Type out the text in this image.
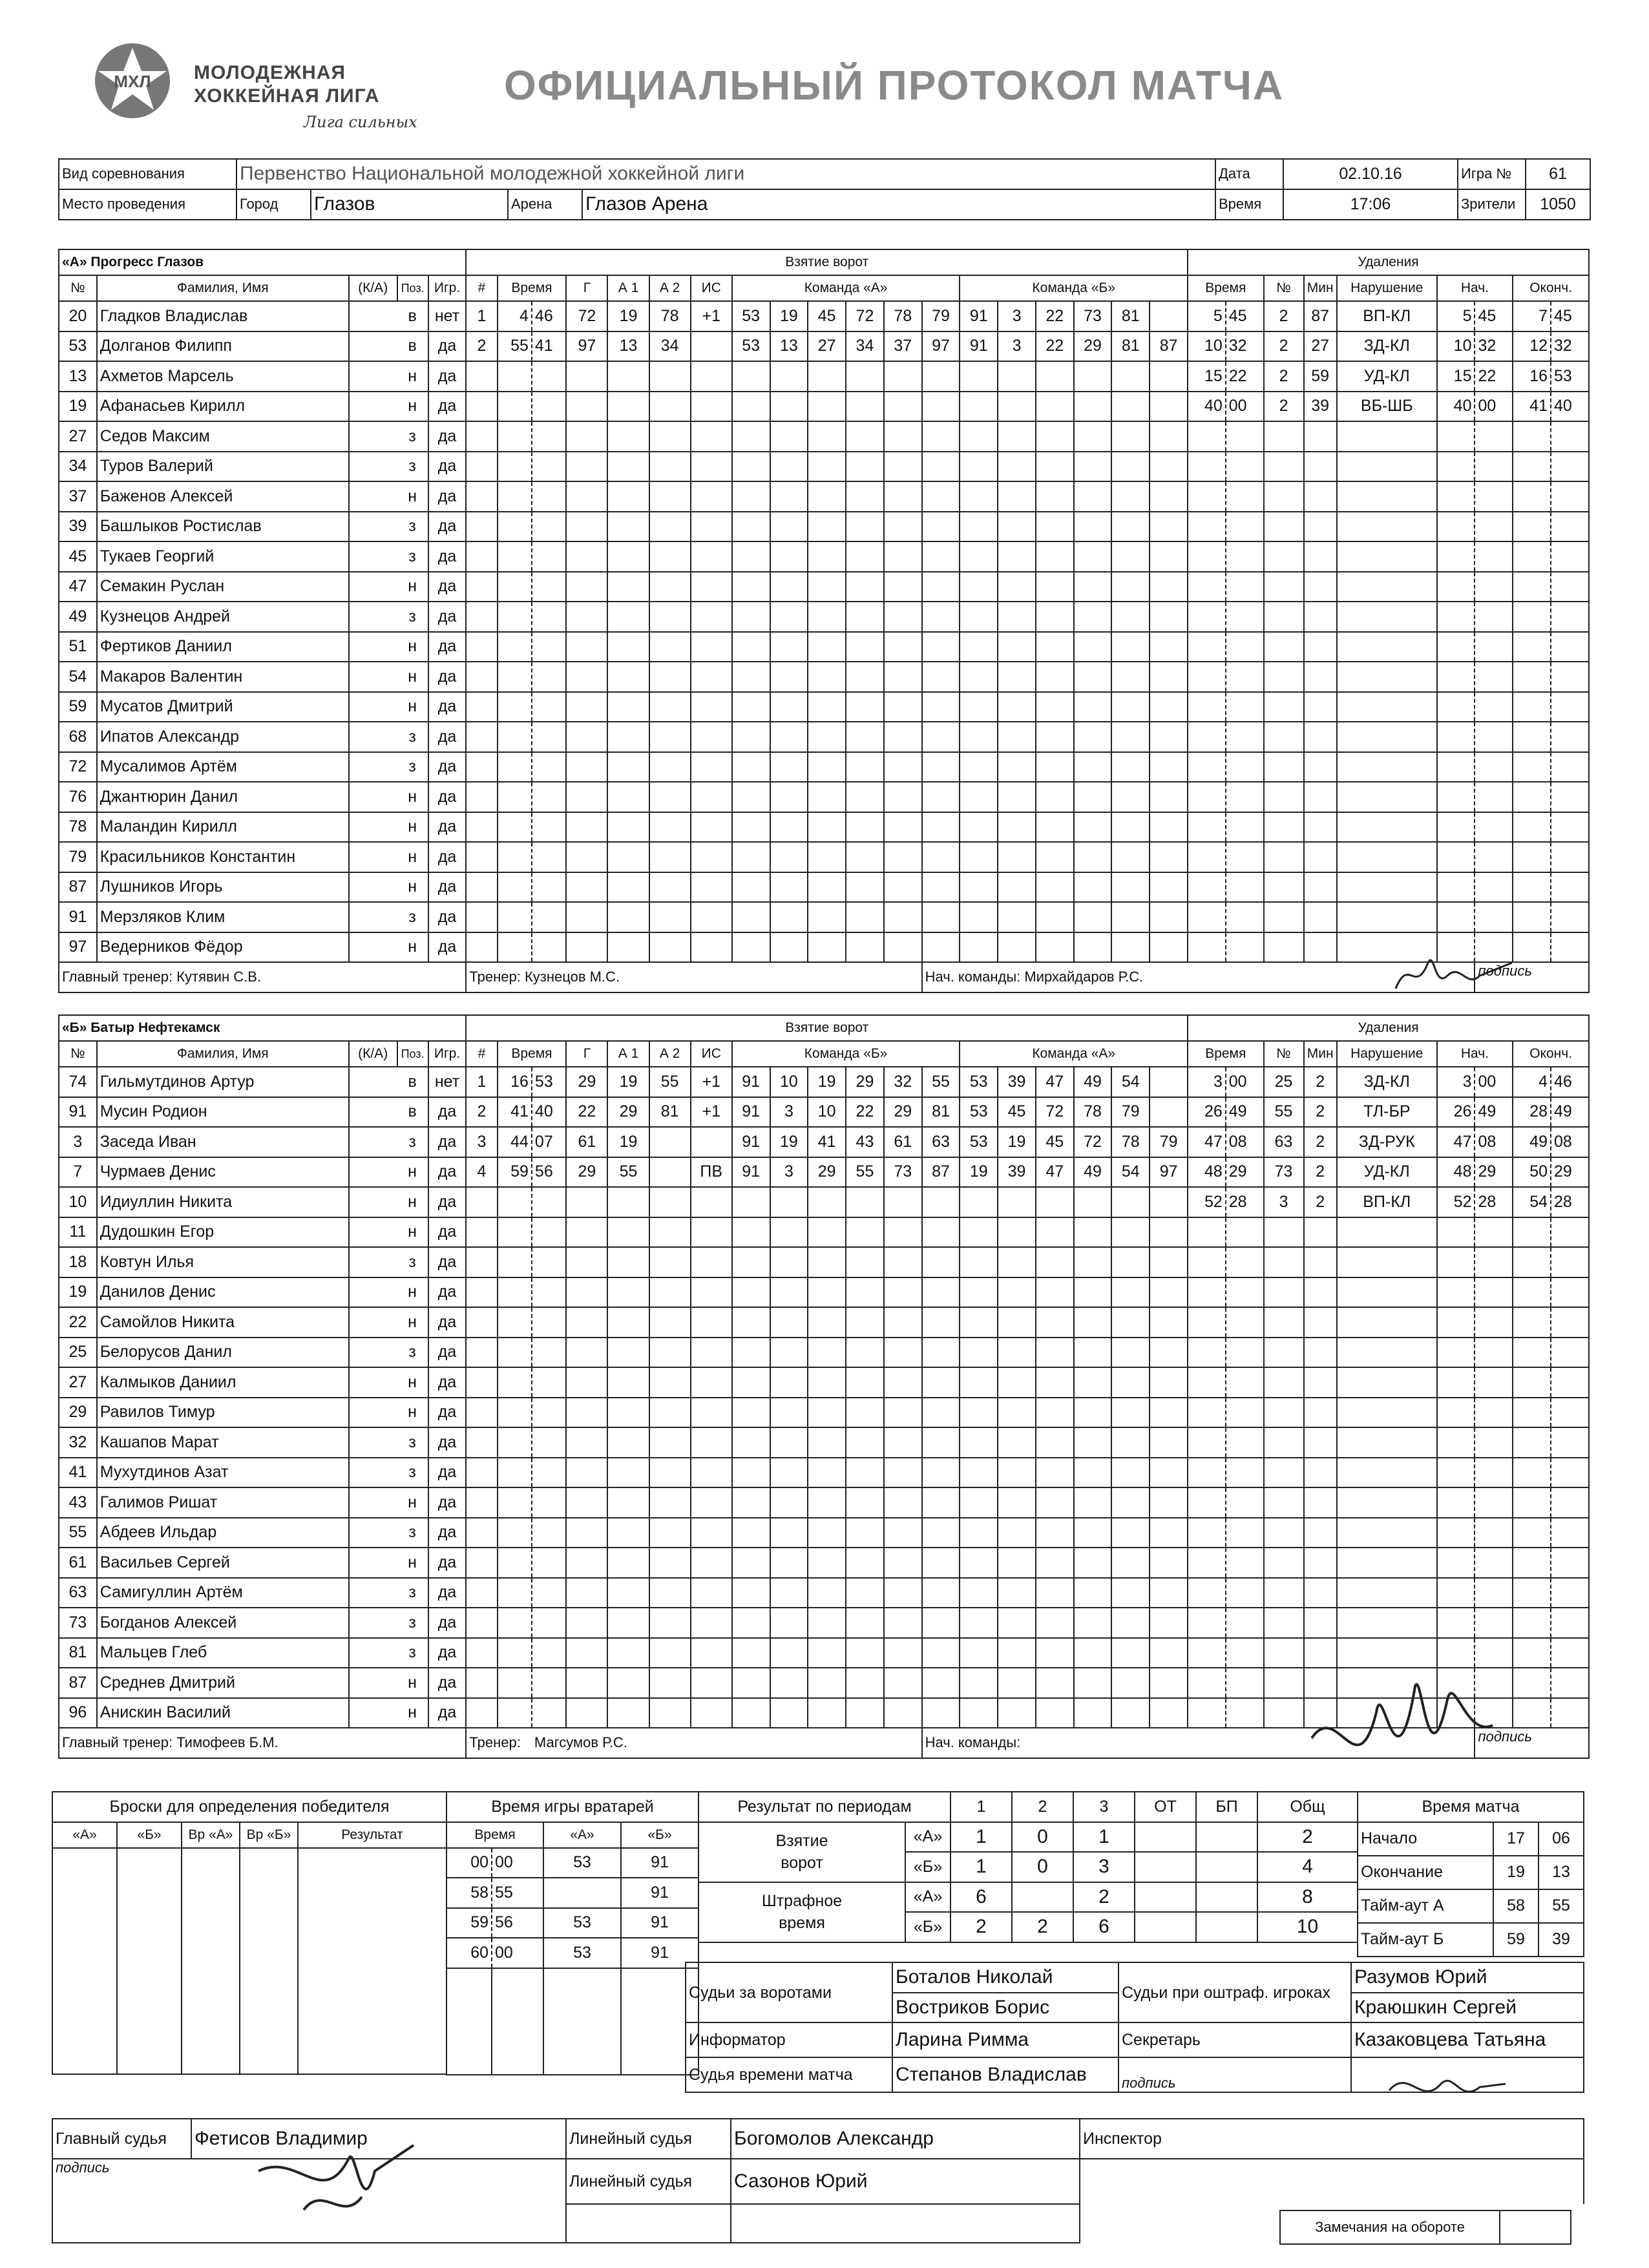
МХЛ МОЛОДЕЖНАЯ
ХОККЕЙНАЯ ЛИГА
Лига сильных
ОФИЦИАЛЬНЫЙ ПРОТОКОЛ МАТЧА
Вид соревнования	Первенство Национальной молодежной хоккейной лиги	Дата	02.10.16	Игра №	61
Место проведения	Город	Глазов	Арена	Глазов Арена	Время	17:06	Зрители	1050
«А» Прогресс Глазов					Взятие ворот																			Удаления								
№	Фамилия, Имя	(К/А)	Поз.	Игр.	#	Время		Г	А 1	А 2	ИС	Команда «А»						Команда «Б»						Время		№	Мин	Нарушение	Нач.		Оконч.	
20	Гладков Владислав		в	нет	1	4	46	72	19	78	+1	53	19	45	72	78	79	91	3	22	73	81		5	45	2	87	ВП-КЛ	5	45	7	45
53	Долганов Филипп		в	да	2	55	41	97	13	34		53	13	27	34	37	97	91	3	22	29	81	87	10	32	2	27	ЗД-КЛ	10	32	12	32
13	Ахметов Марсель		н	да																				15	22	2	59	УД-КЛ	15	22	16	53
19	Афанасьев Кирилл		н	да																				40	00	2	39	ВБ-ШБ	40	00	41	40
27	Седов Максим		з	да																												
34	Туров Валерий		з	да																												
37	Баженов Алексей		н	да																												
39	Башлыков Ростислав		з	да																												
45	Тукаев Георгий		з	да																												
47	Семакин Руслан		н	да																												
49	Кузнецов Андрей		з	да																												
51	Фертиков Даниил		н	да																												
54	Макаров Валентин		н	да																												
59	Мусатов Дмитрий		н	да																												
68	Ипатов Александр		з	да																												
72	Мусалимов Артём		з	да																												
76	Джантюрин Данил		н	да																												
78	Маландин Кирилл		н	да																												
79	Красильников Константин		н	да																												
87	Лушников Игорь		н	да																												
91	Мерзляков Клим		з	да																												
97	Ведерников Фёдор		н	да																												
Главный тренер: Кутявин С.В.					Тренер: Кузнецов М.С.												Нач. команды: Мирхайдаров Р.С.													подпись		
«Б» Батыр Нефтекамск					Взятие ворот																			Удаления								
№	Фамилия, Имя	(К/А)	Поз.	Игр.	#	Время		Г	А 1	А 2	ИС	Команда «Б»						Команда «А»						Время		№	Мин	Нарушение	Нач.		Оконч.	
74	Гильмутдинов Артур		в	нет	1	16	53	29	19	55	+1	91	10	19	29	32	55	53	39	47	49	54		3	00	25	2	ЗД-КЛ	3	00	4	46
91	Мусин Родион		в	да	2	41	40	22	29	81	+1	91	3	10	22	29	81	53	45	72	78	79		26	49	55	2	ТЛ-БР	26	49	28	49
3	Заседа Иван		з	да	3	44	07	61	19			91	19	41	43	61	63	53	19	45	72	78	79	47	08	63	2	ЗД-РУК	47	08	49	08
7	Чурмаев Денис		н	да	4	59	56	29	55		ПВ	91	3	29	55	73	87	19	39	47	49	54	97	48	29	73	2	УД-КЛ	48	29	50	29
10	Идиуллин Никита		н	да																				52	28	3	2	ВП-КЛ	52	28	54	28
11	Дудошкин Егор		н	да																												
18	Ковтун Илья		з	да																												
19	Данилов Денис		н	да																												
22	Самойлов Никита		н	да																												
25	Белорусов Данил		з	да																												
27	Калмыков Даниил		н	да																												
29	Равилов Тимур		н	да																												
32	Кашапов Марат		з	да																												
41	Мухутдинов Азат		з	да																												
43	Галимов Ришат		н	да																												
55	Абдеев Ильдар		з	да																												
61	Васильев Сергей		н	да																												
63	Самигуллин Артём		з	да																												
73	Богданов Алексей		з	да																												
81	Мальцев Глеб		з	да																												
87	Среднев Дмитрий		н	да																												
96	Анискин Василий		н	да																												
Главный тренер: Тимофеев Б.М.					Тренер:		Магсумов Р.С.										Нач. команды:													подпись		
Броски для определения победителя				
«А»	«Б»	Вр «А»	Вр «Б»	Результат

Время игры вратарей			
Время		«А»	«Б»
00	00	53	91
58	55		91
59	56	53	91
60	00	53	91

Результат по периодам		1	2	3	ОТ	БП	Общ
Взятие ворот	«А»	1	0	1			2
	«Б»	1	0	3			4
Штрафное время	«А»	6		2			8
	«Б»	2	2	6			10
Время матча		
Начало	17	06
Окончание	19	13
Тайм-аут А	58	55
Тайм-аут Б	59	39
Судьи за воротами	Боталов Николай	Судьи при оштраф. игроках	Разумов Юрий
	Востриков Борис		Краюшкин Сергей
Информатор	Ларина Римма	Секретарь	Казаковцева Татьяна
Судья времени матча	Степанов Владислав	подпись	
Главный судья	Фетисов Владимир	Линейный судья	Богомолов Александр	Инспектор
подпись		Линейный судья	Сазонов Юрий	

Замечания на обороте	
